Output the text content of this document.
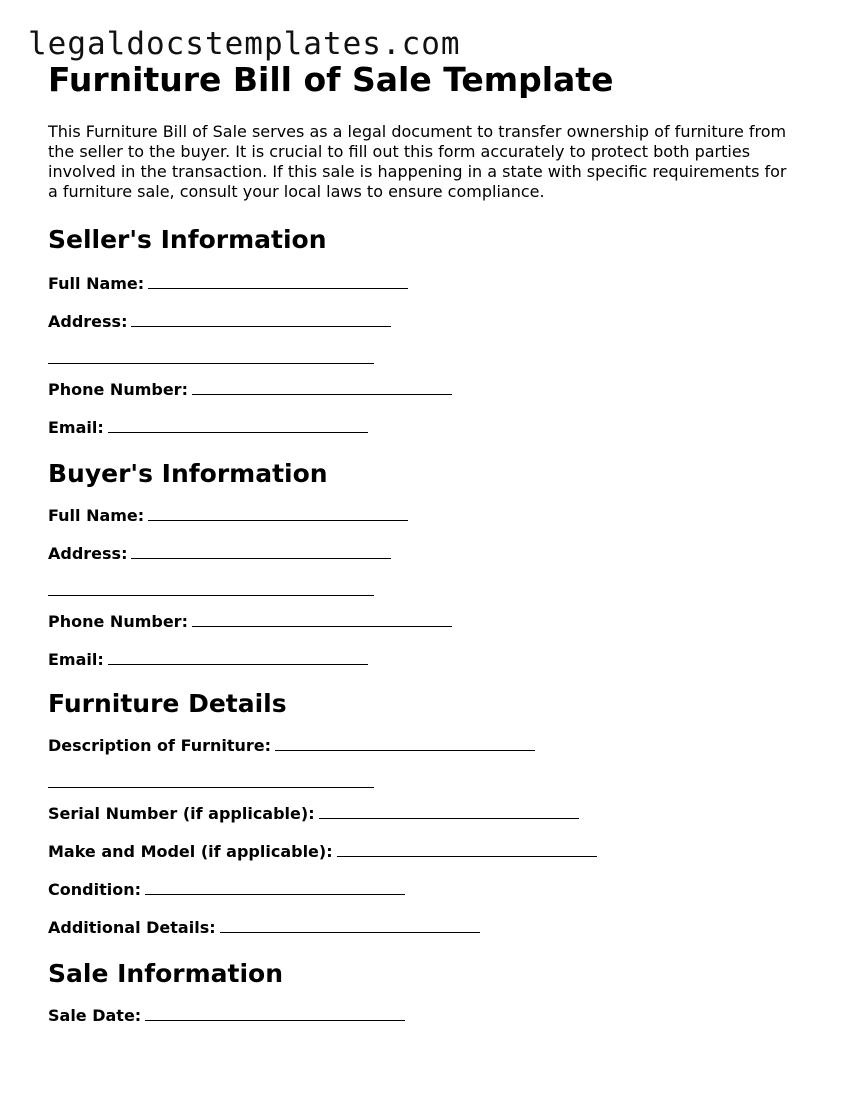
legaldocstemplates.com
Furniture Bill of Sale Template

This Furniture Bill of Sale serves as a legal document to transfer ownership of furniture from the seller to the buyer. It is crucial to fill out this form accurately to protect both parties involved in the transaction. If this sale is happening in a state with specific requirements for a furniture sale, consult your local laws to ensure compliance.

Seller's Information
Full Name:
Address:
Phone Number:
Email:
Buyer's Information
Full Name:
Address:
Phone Number:
Email:
Furniture Details
Description of Furniture:
Serial Number (if applicable):
Make and Model (if applicable):
Condition:
Additional Details:
Sale Information
Sale Date:
